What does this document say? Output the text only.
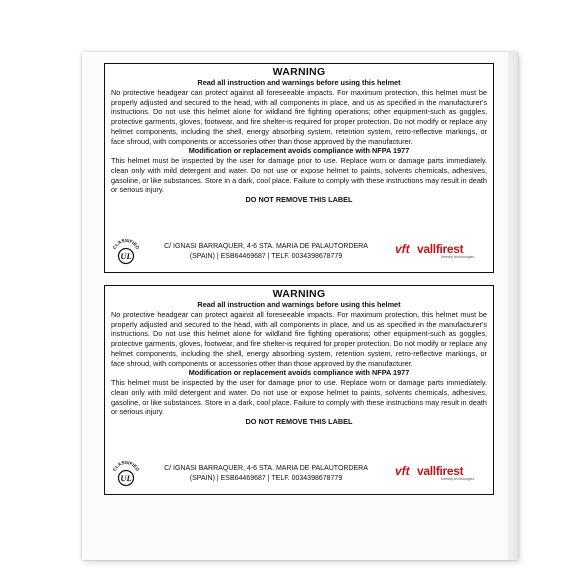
WARNING
Read all instruction and warnings before using this helmet
No protective headgear can protect against all foreseeable impacts. For maximum protection, this helmet must be properly adjusted and secured to the head, with all components in place, and us as specified in the manufacturer's instructions. Do not use this helmet alone for wildland fire fighting operations; other equipment-such as goggles, protective garments, gloves, footwear, and fire shelter-is required for proper protection. Do not modify or replace any helmet components, including the shell, energy absorbing system, retention system, retro-reflective markings, or face shroud, with components or accessories other than those approved by the manufacturer.
Modification or replacement avoids compliance with NFPA 1977
This helmet must be inspected by the user for damage prior to use. Replace worn or damage parts immediately. clean only with mild detergent and water. Do not use or expose helmet to paints, solvents chemicals, adhesives, gasoline, or like substances. Store in a dark, cool place. Failure to comply with these instructions may result in death or serious injury.
DO NOT REMOVE THIS LABEL
CLASSIFIED
UL
C/ IGNASI BARRAQUER, 4-6 STA. MARIA DE PALAUTORDERA
(SPAIN) | ESB64469687 | TELF. 0034398678779
vft vallfirest
forestry technologies
WARNING
Read all instruction and warnings before using this helmet
No protective headgear can protect against all foreseeable impacts. For maximum protection, this helmet must be properly adjusted and secured to the head, with all components in place, and us as specified in the manufacturer's instructions. Do not use this helmet alone for wildland fire fighting operations; other equipment-such as goggles, protective garments, gloves, footwear, and fire shelter-is required for proper protection. Do not modify or replace any helmet components, including the shell, energy absorbing system, retention system, retro-reflective markings, or face shroud, with components or accessories other than those approved by the manufacturer.
Modification or replacement avoids compliance with NFPA 1977
This helmet must be inspected by the user for damage prior to use. Replace worn or damage parts immediately. clean only with mild detergent and water. Do not use or expose helmet to paints, solvents chemicals, adhesives, gasoline, or like substances. Store in a dark, cool place. Failure to comply with these instructions may result in death or serious injury.
DO NOT REMOVE THIS LABEL
CLASSIFIED
UL
C/ IGNASI BARRAQUER, 4-6 STA. MARIA DE PALAUTORDERA
(SPAIN) | ESB64469687 | TELF. 0034398678779
vft vallfirest
forestry technologies
